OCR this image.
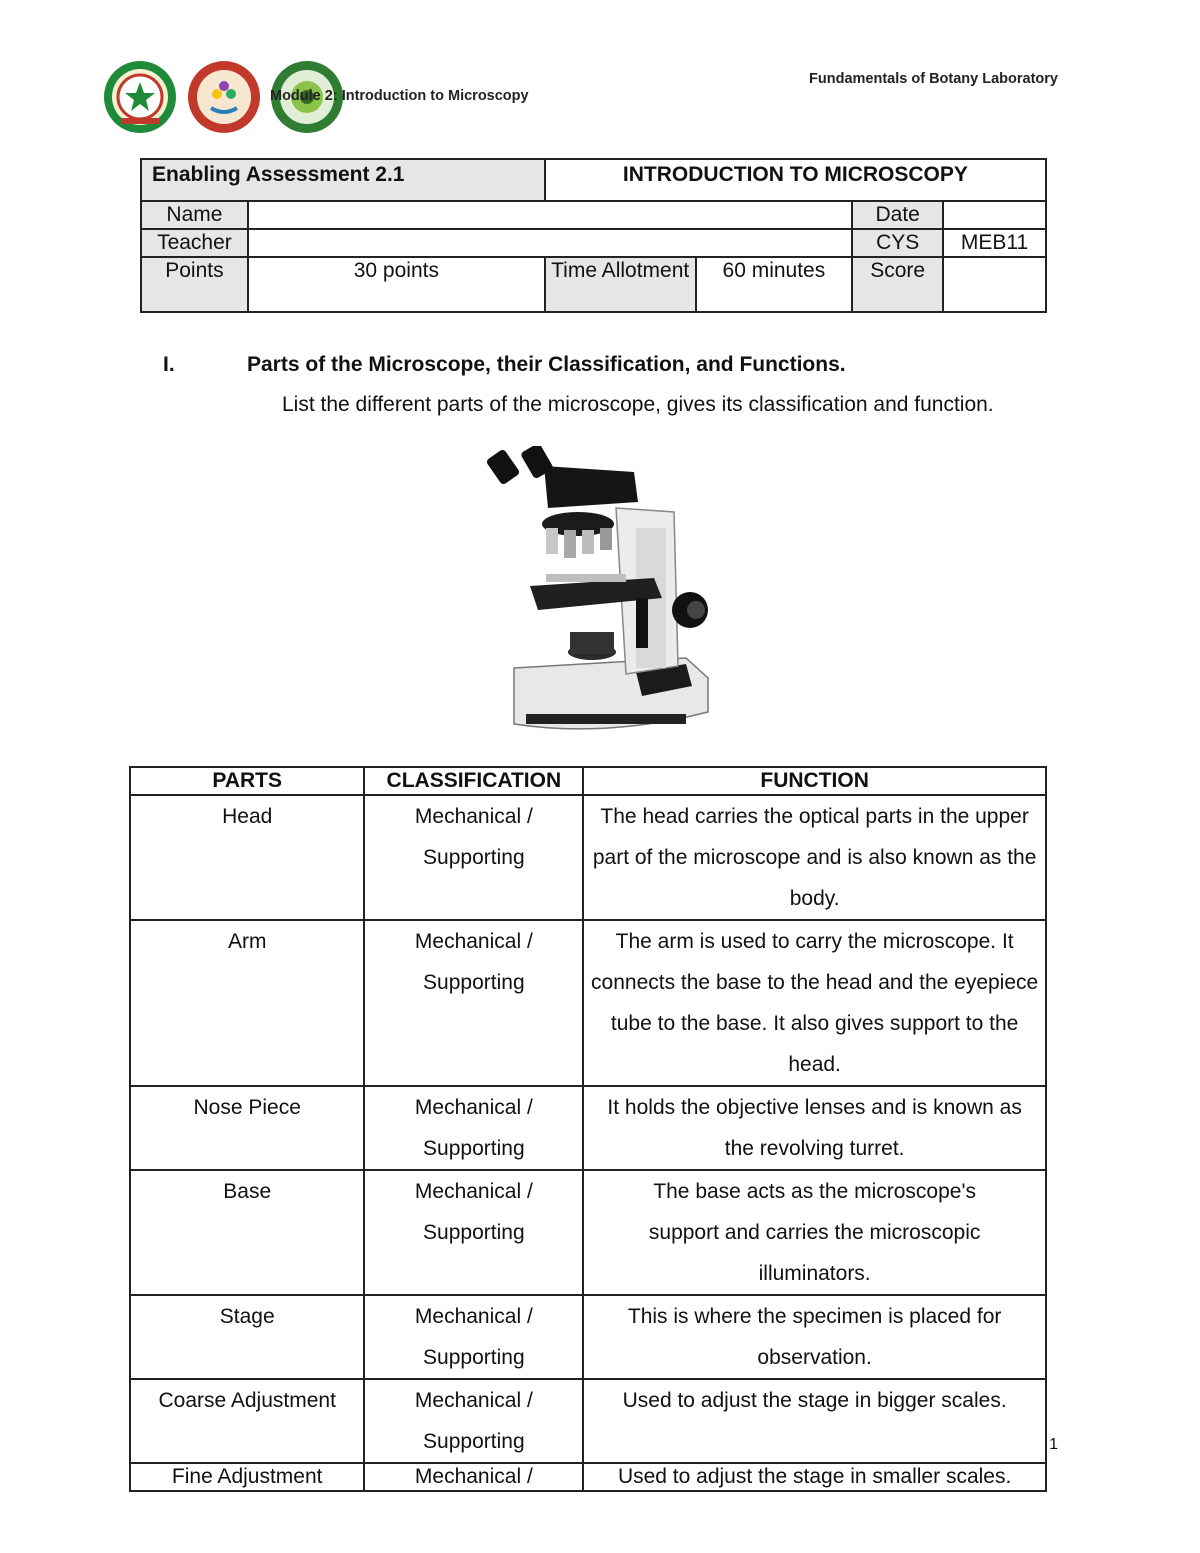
Module 2: Introduction to Microscopy
Fundamentals of Botany Laboratory
Enabling Assessment 2.1		INTRODUCTION TO MICROSCOPY			
Name				Date	
Teacher				CYS	MEB11
Points	30 points	Time Allotment	60 minutes	Score	
I.	Parts of the Microscope, their Classification, and Functions.
List the different parts of the microscope, gives its classification and function.
PARTS	CLASSIFICATION	FUNCTION
Head	Mechanical / Supporting	The head carries the optical parts in the upper part of the microscope and is also known as the body.
Arm	Mechanical / Supporting	The arm is used to carry the microscope. It connects the base to the head and the eyepiece tube to the base. It also gives support to the head.
Nose Piece	Mechanical / Supporting	It holds the objective lenses and is known as the revolving turret.
Base	Mechanical / Supporting	The base acts as the microscope's support and carries the microscopic illuminators.
Stage	Mechanical / Supporting	This is where the specimen is placed for observation.
Coarse Adjustment	Mechanical / Supporting	Used to adjust the stage in bigger scales.
Fine Adjustment	Mechanical /	Used to adjust the stage in smaller scales.
1
